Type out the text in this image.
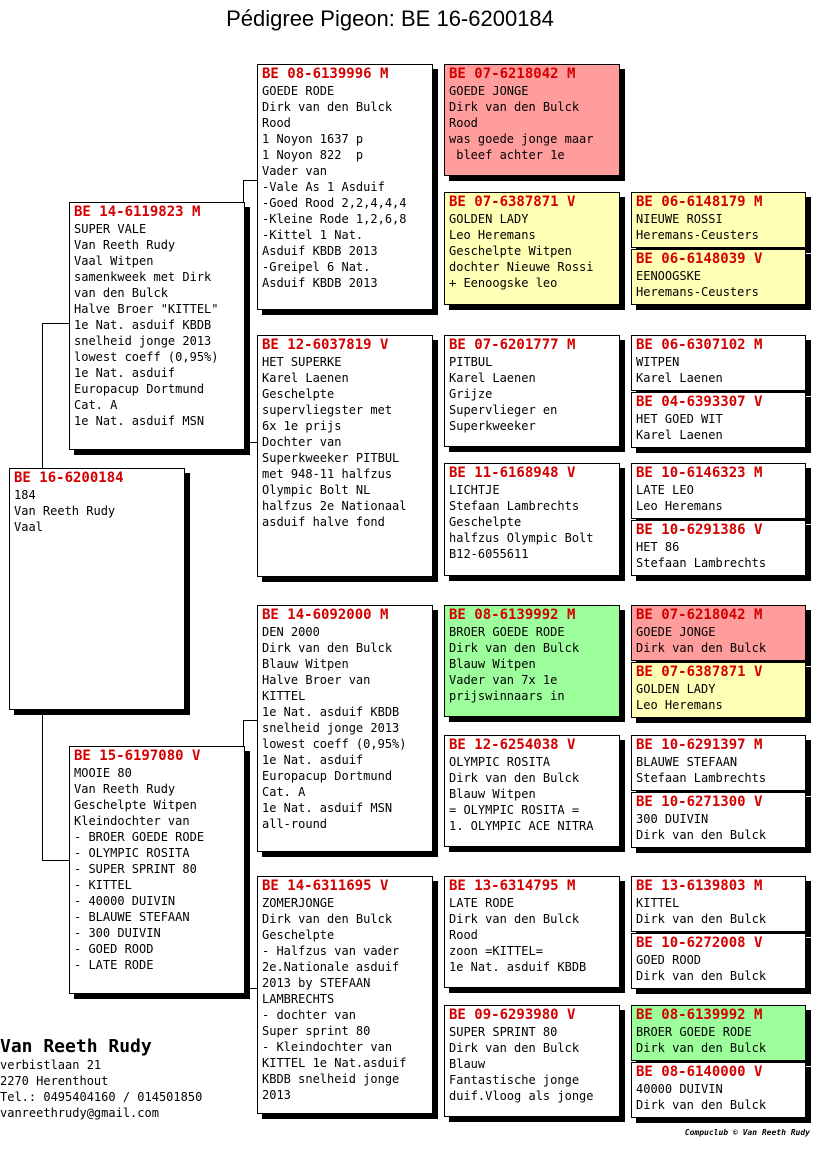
Pédigree Pigeon: BE 16-6200184
BE 16-6200184
184
Van Reeth Rudy
Vaal
BE 14-6119823 M
SUPER VALE
Van Reeth Rudy
Vaal Witpen
samenkweek met Dirk
van den Bulck
Halve Broer "KITTEL"
1e Nat. asduif KBDB
snelheid jonge 2013
lowest coeff (0,95%)
1e Nat. asduif
Europacup Dortmund
Cat. A
1e Nat. asduif MSN
BE 15-6197080 V
MOOIE 80
Van Reeth Rudy
Geschelpte Witpen
Kleindochter van
- BROER GOEDE RODE
- OLYMPIC ROSITA
- SUPER SPRINT 80
- KITTEL
- 40000 DUIVIN
- BLAUWE STEFAAN
- 300 DUIVIN
- GOED ROOD
- LATE RODE
BE 08-6139996 M
GOEDE RODE
Dirk van den Bulck
Rood
1 Noyon 1637 p
1 Noyon 822  p
Vader van
-Vale As 1 Asduif
-Goed Rood 2,2,4,4,4
-Kleine Rode 1,2,6,8
-Kittel 1 Nat.
Asduif KBDB 2013
-Greipel 6 Nat.
Asduif KBDB 2013
BE 12-6037819 V
HET SUPERKE
Karel Laenen
Geschelpte
supervliegster met
6x 1e prijs
Dochter van
Superkweeker PITBUL
met 948-11 halfzus
Olympic Bolt NL
halfzus 2e Nationaal
asduif halve fond
BE 14-6092000 M
DEN 2000
Dirk van den Bulck
Blauw Witpen
Halve Broer van
KITTEL
1e Nat. asduif KBDB
snelheid jonge 2013
lowest coeff (0,95%)
1e Nat. asduif
Europacup Dortmund
Cat. A
1e Nat. asduif MSN
all-round
BE 14-6311695 V
ZOMERJONGE
Dirk van den Bulck
Geschelpte
- Halfzus van vader
2e.Nationale asduif
2013 by STEFAAN
LAMBRECHTS
- dochter van
Super sprint 80
- Kleindochter van
KITTEL 1e Nat.asduif
KBDB snelheid jonge
2013
BE 07-6218042 M
GOEDE JONGE
Dirk van den Bulck
Rood
was goede jonge maar
bleef achter 1e
BE 07-6387871 V
GOLDEN LADY
Leo Heremans
Geschelpte Witpen
dochter Nieuwe Rossi
+ Eenoogske leo
BE 07-6201777 M
PITBUL
Karel Laenen
Grijze
Supervlieger en
Superkweeker
BE 11-6168948 V
LICHTJE
Stefaan Lambrechts
Geschelpte
halfzus Olympic Bolt
B12-6055611
BE 08-6139992 M
BROER GOEDE RODE
Dirk van den Bulck
Blauw Witpen
Vader van 7x 1e
prijswinnaars in
BE 12-6254038 V
OLYMPIC ROSITA
Dirk van den Bulck
Blauw Witpen
= OLYMPIC ROSITA =
1. OLYMPIC ACE NITRA
BE 13-6314795 M
LATE RODE
Dirk van den Bulck
Rood
zoon =KITTEL=
1e Nat. asduif KBDB
BE 09-6293980 V
SUPER SPRINT 80
Dirk van den Bulck
Blauw
Fantastische jonge
duif.Vloog als jonge
BE 06-6148179 M
NIEUWE ROSSI
Heremans-Ceusters
BE 06-6148039 V
EENOOGSKE
Heremans-Ceusters
BE 06-6307102 M
WITPEN
Karel Laenen
BE 04-6393307 V
HET GOED WIT
Karel Laenen
BE 10-6146323 M
LATE LEO
Leo Heremans
BE 10-6291386 V
HET 86
Stefaan Lambrechts
BE 07-6218042 M
GOEDE JONGE
Dirk van den Bulck
BE 07-6387871 V
GOLDEN LADY
Leo Heremans
BE 10-6291397 M
BLAUWE STEFAAN
Stefaan Lambrechts
BE 10-6271300 V
300 DUIVIN
Dirk van den Bulck
BE 13-6139803 M
KITTEL
Dirk van den Bulck
BE 10-6272008 V
GOED ROOD
Dirk van den Bulck
BE 08-6139992 M
BROER GOEDE RODE
Dirk van den Bulck
BE 08-6140000 V
40000 DUIVIN
Dirk van den Bulck
Van Reeth Rudy
verbistlaan 21
2270 Herenthout
Tel.: 0495404160 / 014501850
vanreethrudy@gmail.com
Compuclub © Van Reeth Rudy
